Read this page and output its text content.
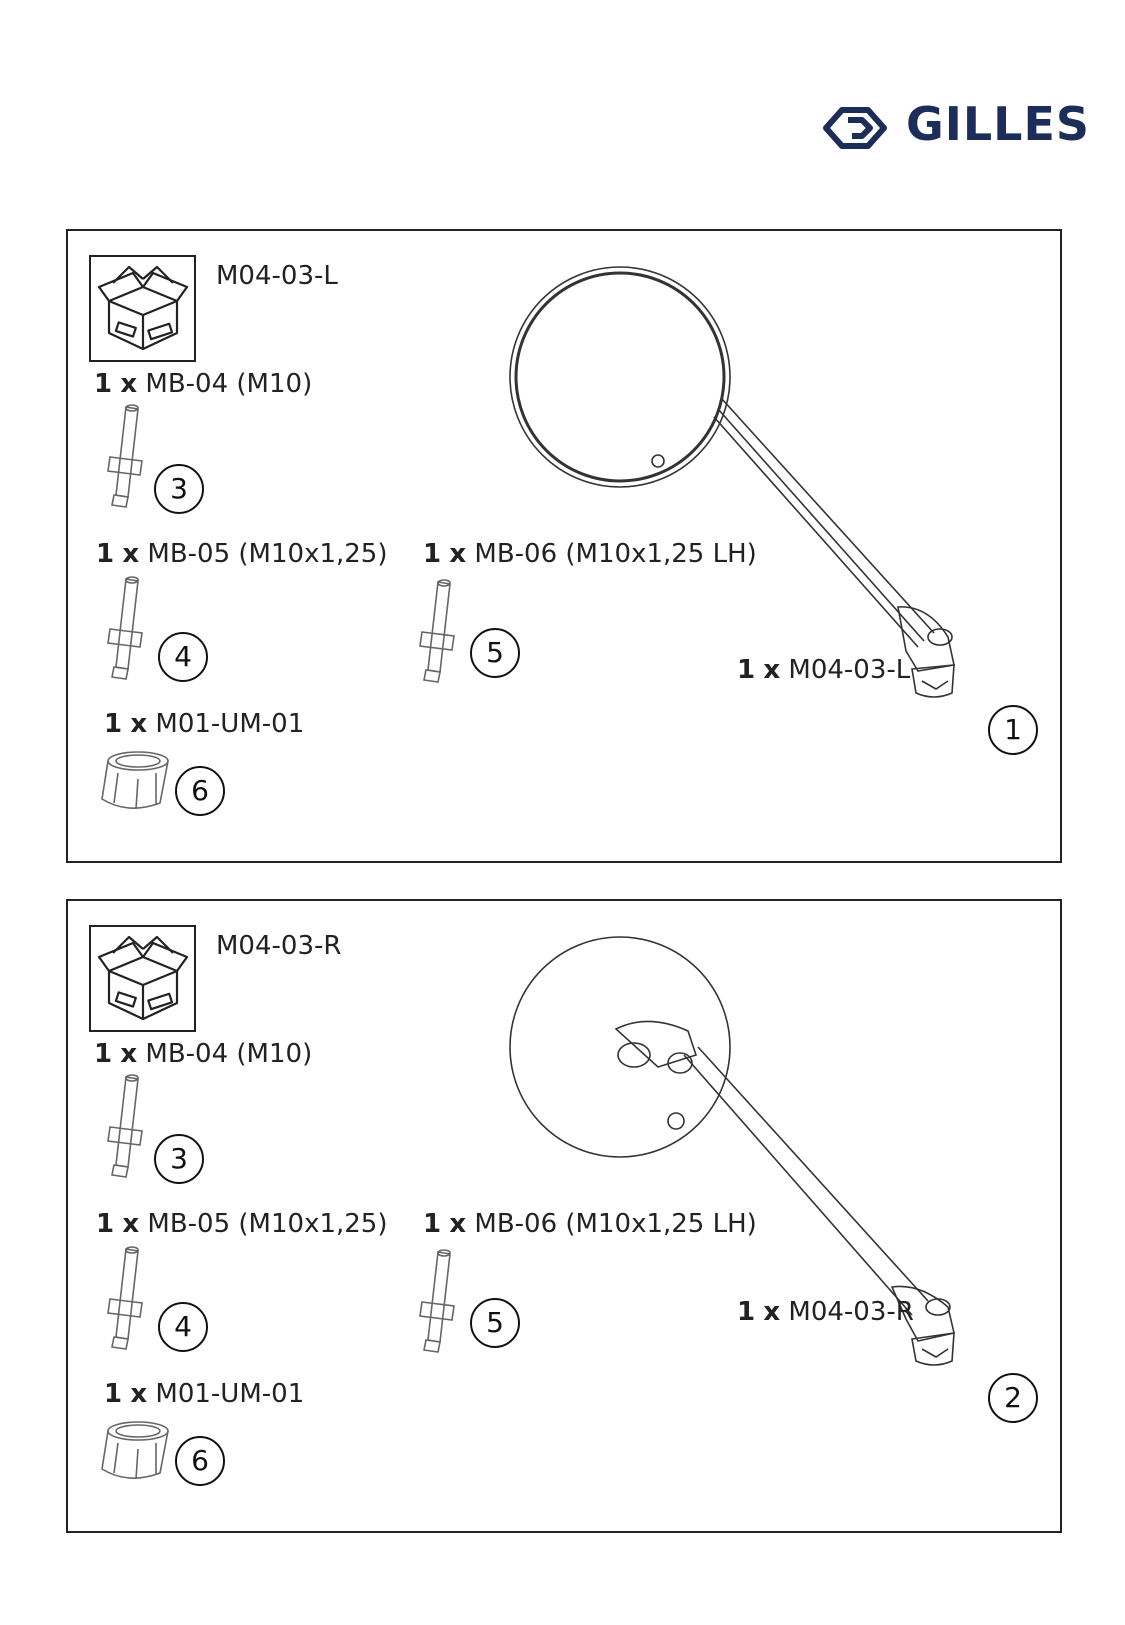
GILLES
M04-03-L
1 x MB-04 (M10)
3
1 x MB-05 (M10x1,25)
4
1 x MB-06 (M10x1,25 LH)
5
1 x M01-UM-01
6
1 x M04-03-L
1
M04-03-R
1 x MB-04 (M10)
3
1 x MB-05 (M10x1,25)
4
1 x MB-06 (M10x1,25 LH)
5
1 x M01-UM-01
6
1 x M04-03-R
2
